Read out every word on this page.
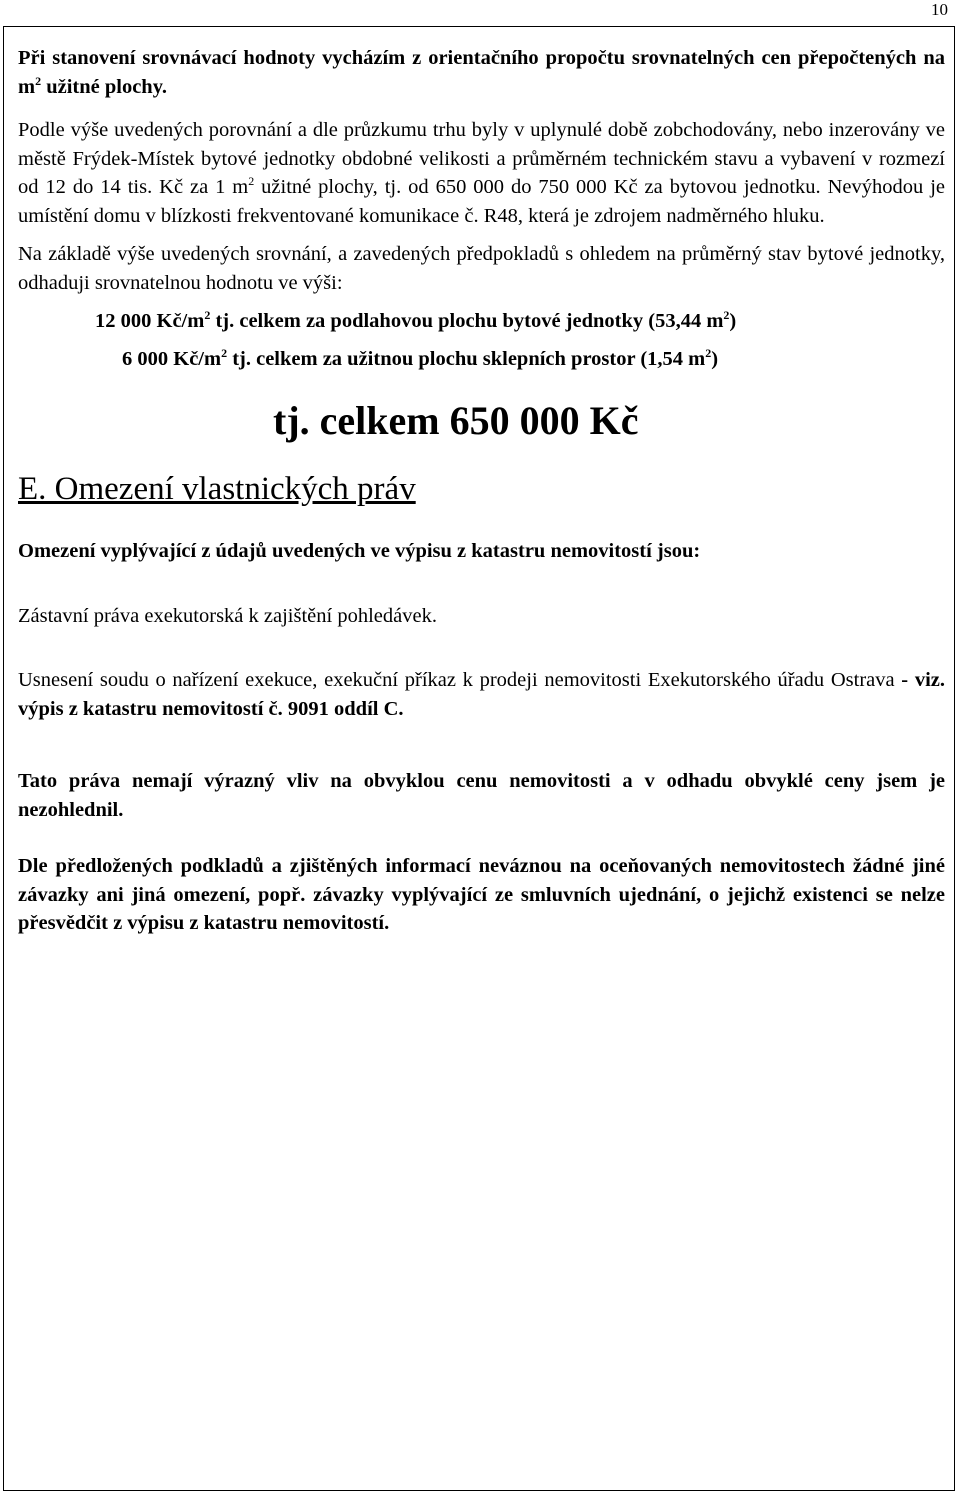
10

Při stanovení srovnávací hodnoty vycházím z orientačního propočtu srovnatelných cen přepočtených na $m^2$ užitné plochy.

Podle výše uvedených porovnání a dle průzkumu trhu byly v uplynulé době zobchodovány, nebo inzerovány ve městě Frýdek-Místek bytové jednotky obdobné velikosti a průměrném technickém stavu a vybavení v rozmezí od 12 do 14 tis. Kč za 1 $m^2$ užitné plochy, tj. od 650 000 do 750 000 Kč za bytovou jednotku. Nevýhodou je umístění domu v blízkosti frekventované komunikace č. R48, která je zdrojem nadměrného hluku.

Na základě výše uvedených srovnání, a zavedených předpokladů s ohledem na průměrný stav bytové jednotky, odhaduji srovnatelnou hodnotu ve výši:

12 000 $Kč/m^2$ tj. celkem za podlahovou plochu bytové jednotky (53,44 $m^2$)
6 000 $Kč/m^2$ tj. celkem za užitnou plochu sklepních prostor (1,54 $m^2$)
tj. celkem 650 000 Kč
E. Omezení vlastnických práv

Omezení vyplývající z údajů uvedených ve výpisu z katastru nemovitostí jsou:

Zástavní práva exekutorská k zajištění pohledávek.

Usnesení soudu o nařízení exekuce, exekuční příkaz k prodeji nemovitosti Exekutorského úřadu Ostrava - viz. výpis z katastru nemovitostí č. 9091 oddíl C.

Tato práva nemají výrazný vliv na obvyklou cenu nemovitosti a v odhadu obvyklé ceny jsem je nezohlednil.

Dle předložených podkladů a zjištěných informací neváznou na oceňovaných nemovitostech žádné jiné závazky ani jiná omezení, popř. závazky vyplývající ze smluvních ujednání, o jejichž existenci se nelze přesvědčit z výpisu z katastru nemovitostí.
